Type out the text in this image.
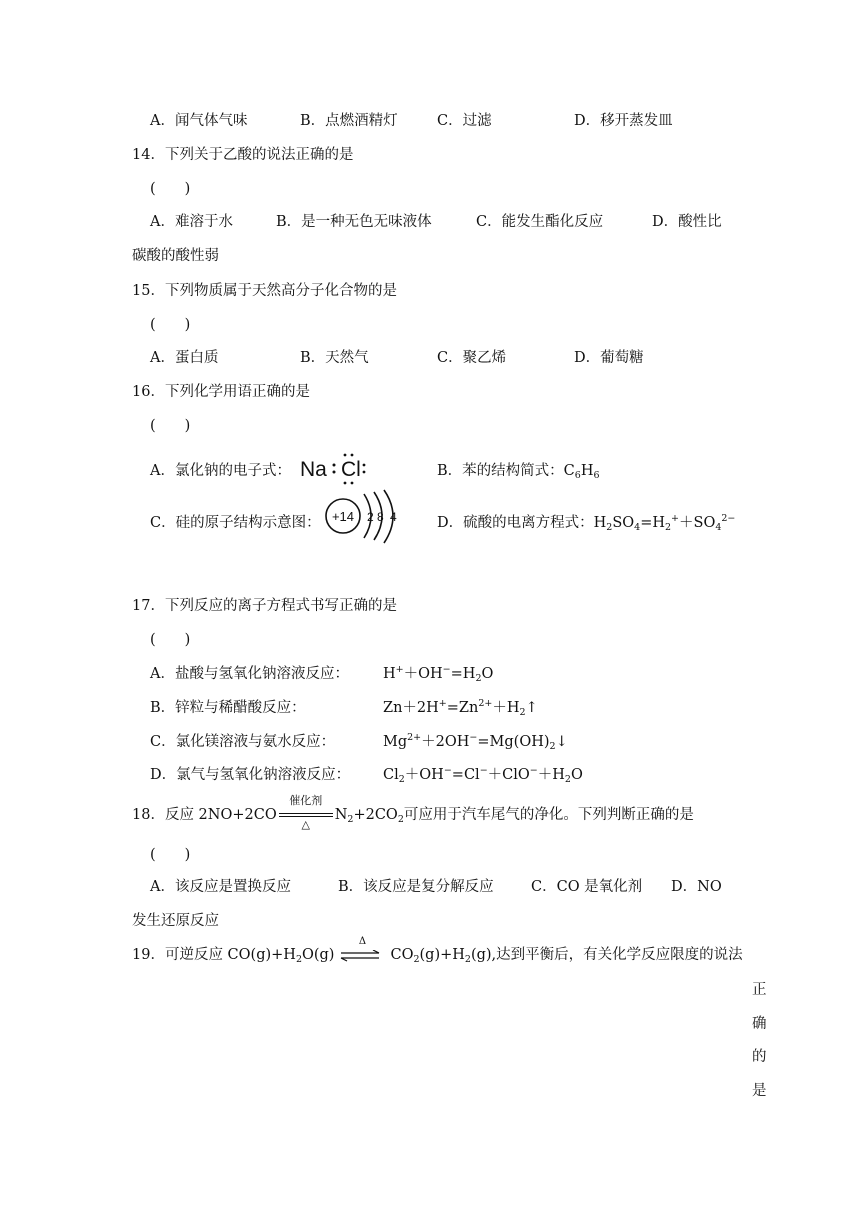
A．闻气体气味	B．点燃酒精灯	C．过滤	D．移开蒸发皿
14．下列关于乙酸的说法正确的是
(　　)
A．难溶于水	B．是一种无色无味液体	C．能发生酯化反应	D．酸性比
碳酸的酸性弱
15．下列物质属于天然高分子化合物的是
(　　)
A．蛋白质	B．天然气	C．聚乙烯	D．葡萄糖
16．下列化学用语正确的是
(　　)
A．氯化钠的电子式： Na Cl	B．苯的结构简式：$C_6H_6$
C．硅的原子结构示意图： +14 2 8 4	D．硫酸的电离方程式：$H_2SO_4=H_2^++SO_4^{2-}$
17．下列反应的离子方程式书写正确的是
(　　)
A．盐酸与氢氧化钠溶液反应： $H^++OH^-=H_2O$
B．锌粒与稀醋酸反应：	$Zn+2H^+=Zn^{2+}+H_2↑$
C．氯化镁溶液与氨水反应：	$Mg^{2+}+2OH^-=Mg(OH)_2↓$
D．氯气与氢氧化钠溶液反应： $Cl_2+OH^-=Cl^-+ClO^-+H_2O$
18．反应 2NO+2CO
催化剂
△
$N_2+2CO_2$可应用于汽车尾气的净化。下列判断正确的是
(　　)
A．该反应是置换反应	B．该反应是复分解反应	C．CO 是氧化剂 D．NO
发生还原反应
19．可逆反应 $CO(g)+H_2O(g)$
Δ
$CO_2(g)+H_2(g)$,达到平衡后，有关化学反应限度的说法
正
确
的
是
